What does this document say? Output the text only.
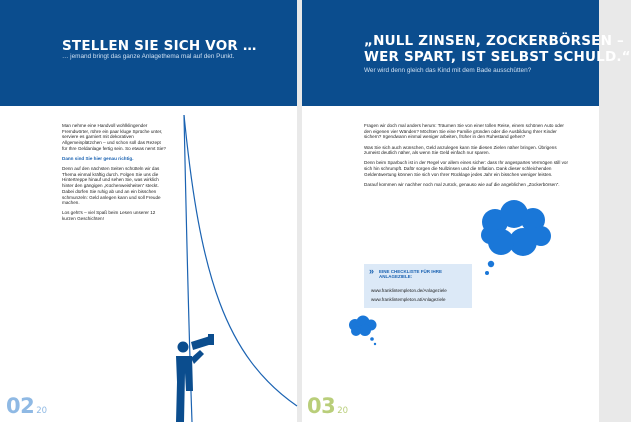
STELLEN SIE SICH VOR …
… jemand bringt das ganze Anlagethema mal auf den Punkt.

Man nehme eine Handvoll wohlklingender Fremdwörter, rühre ein paar kluge Sprüche unter, serviere es garniert mit dekorativen Allgemeinplätzchen – und schon soll das Rezept für Ihre Geldanlage fertig sein. So etwas nervt Sie?

Dann sind Sie hier genau richtig.

Denn auf den nächsten Seiten schütteln wir das Thema einmal kräftig durch. Folgen Sie uns die Hintertreppe hinauf und sehen Sie, was wirklich hinter den gängigen „Küchenweisheiten“ steckt. Dabei dürfen Sie ruhig ab und an ein bisschen schmunzeln: Geld anlegen kann und soll Freude machen.

Los geht's – viel Spaß beim Lesen unserer 12 kurzen Geschichten!

02 20
„NULL ZINSEN, ZOCKERBÖRSEN –
WER SPART, IST SELBST SCHULD.“
Wer wird denn gleich das Kind mit dem Bade ausschütten?

Fragen wir doch mal anders herum: Träumen Sie von einer tollen Reise, einem schönen Auto oder den eigenen vier Wänden? Möchten Sie eine Familie gründen oder die Ausbildung Ihrer Kinder sichern? Irgendwann einmal weniger arbeiten, früher in den Ruhestand gehen?

Was Sie sich auch wünschen, Geld anzulegen kann Sie diesen Zielen näher bringen. Übrigens zumeist deutlich näher, als wenn Sie Geld einfach nur sparen.

Denn beim Sparbuch ist in der Regel vor allem eines sicher: dass Ihr angespartes Vermögen still vor sich hin schrumpft. Daför sorgen die Nullzinsen und die Inflation. Dank dieser schleichenden Geldentwertung können Sie sich von Ihrer Rücklage jedes Jahr ein bisschen weniger leisten.

Darauf kommen wir nachher noch mal zurück, genauso wie auf die angeblichen „Zockerbörsen“.

» EINE CHECKLISTE FÜR IHRE ANLAGEZIELE:
www.franklintempleton.de/Anlageziele
www.franklintempleton.at/Anlageziele
03 20
